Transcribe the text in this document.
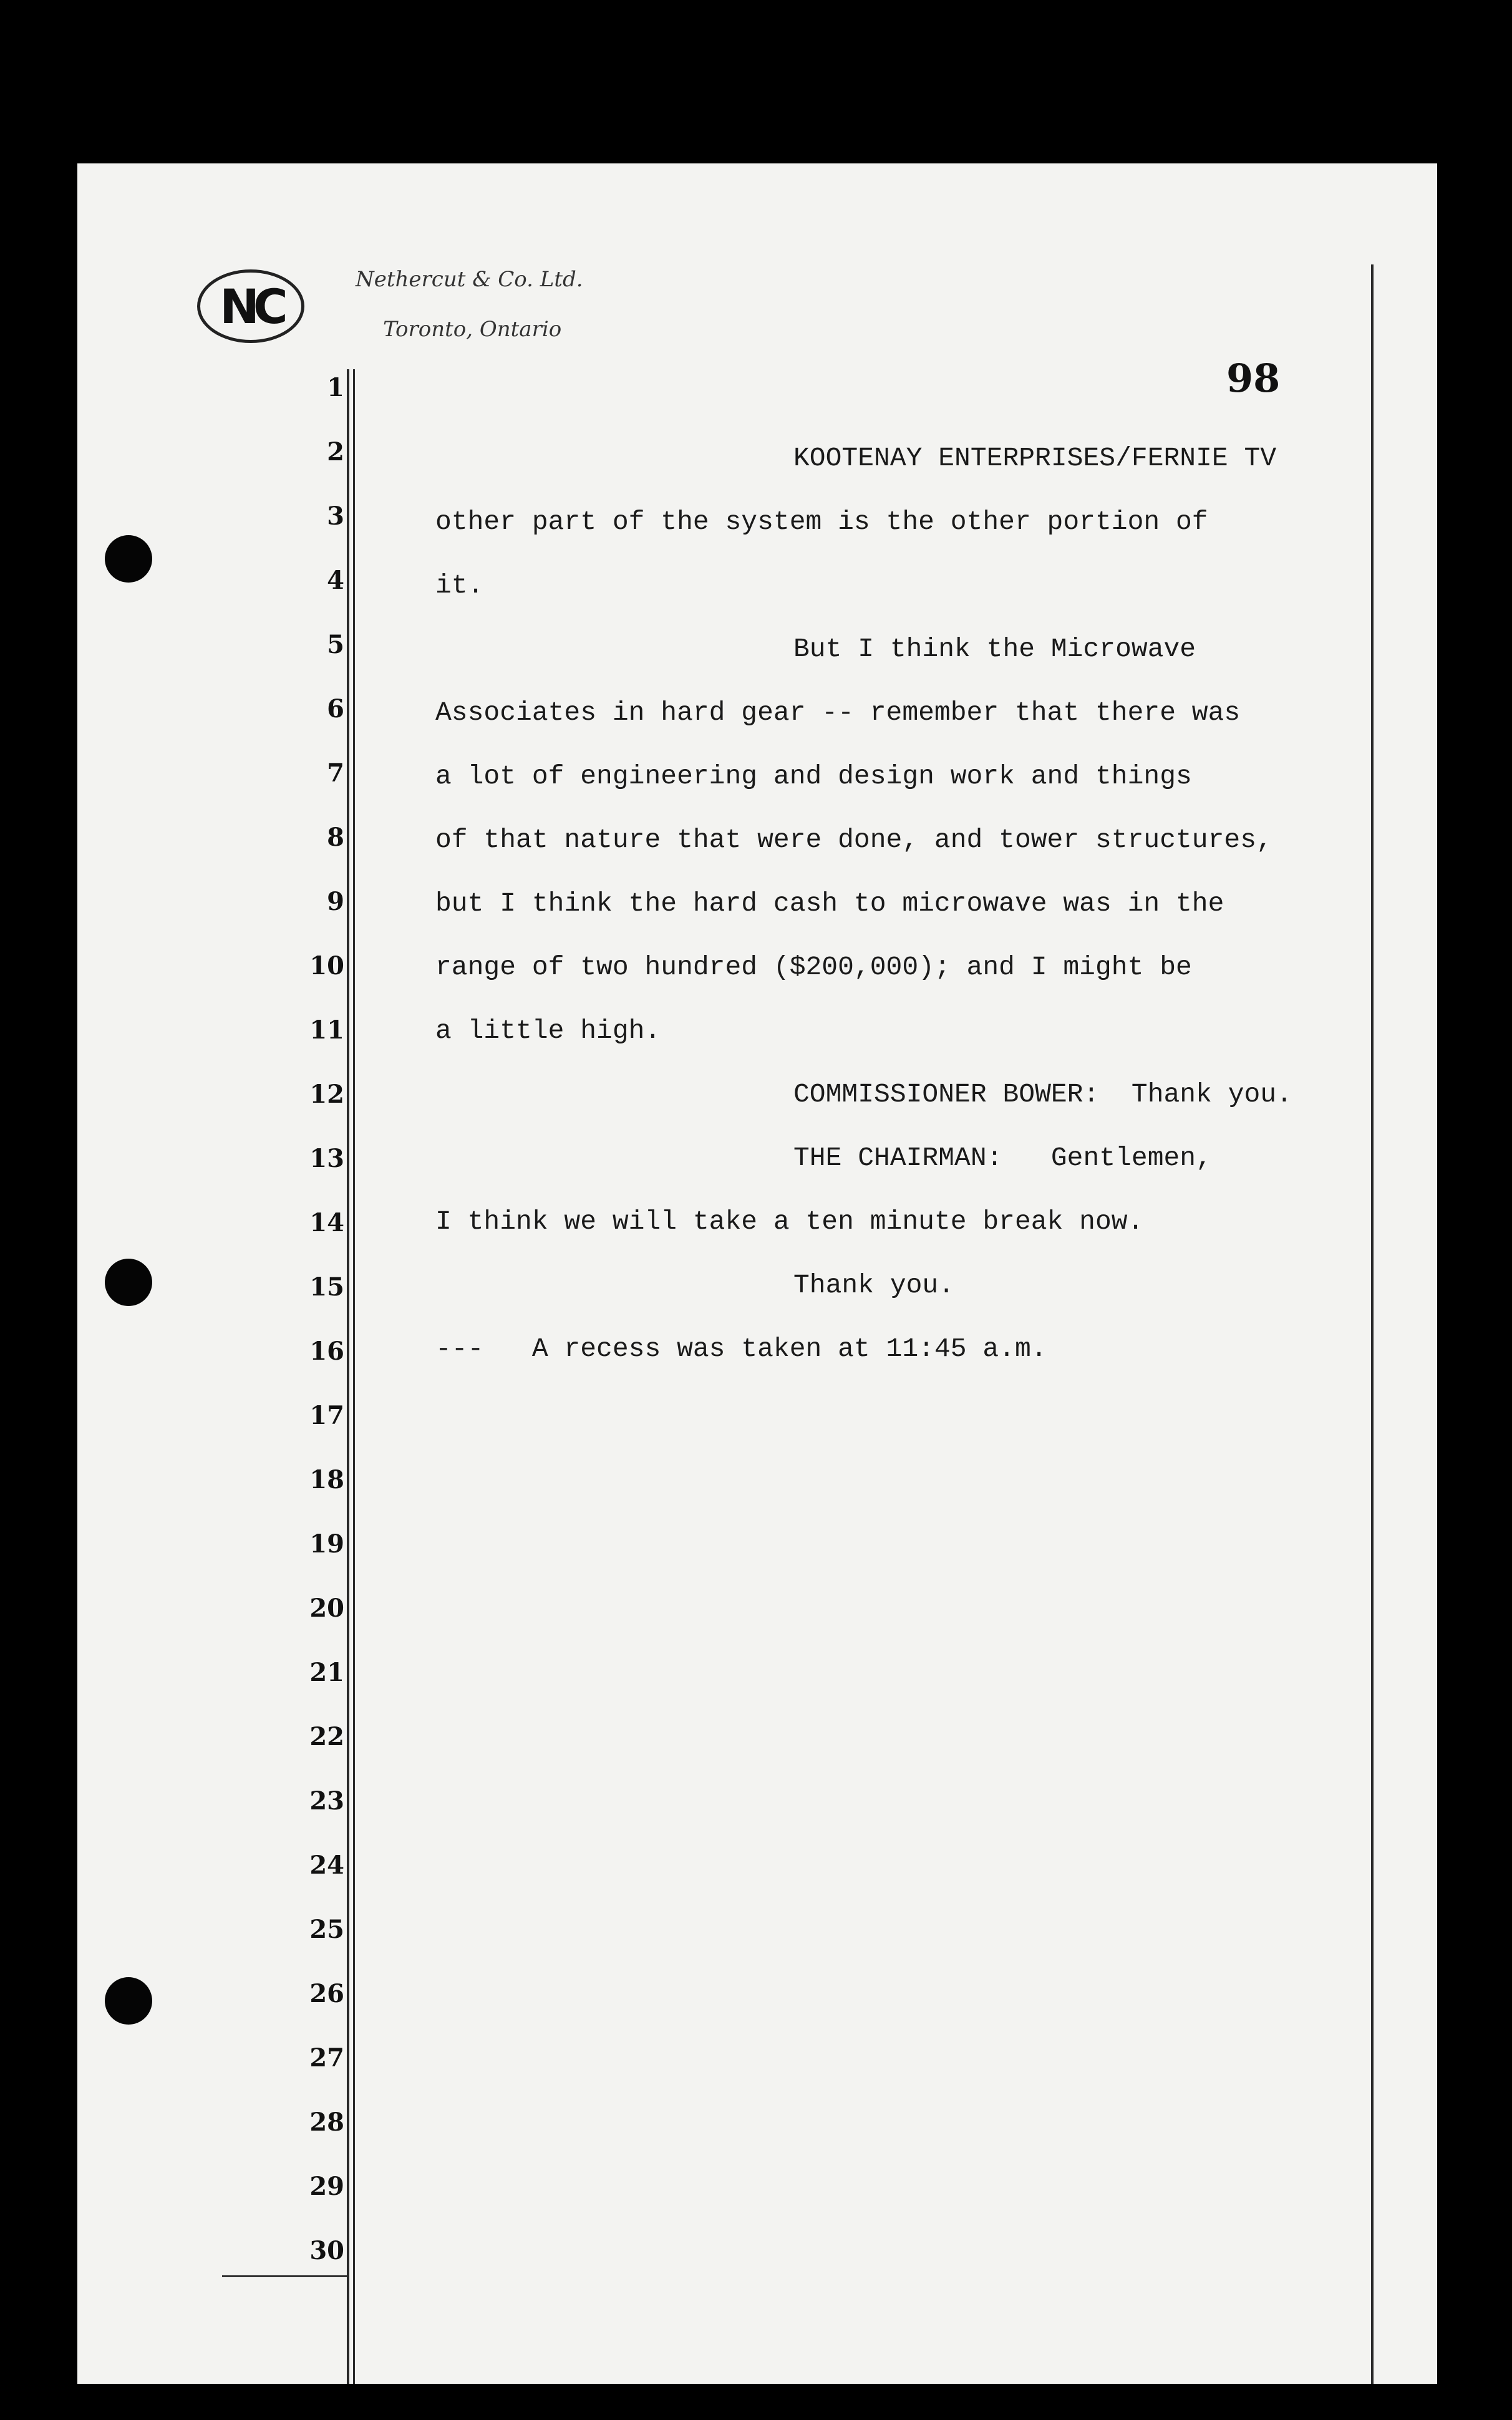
NC	Nethercut & Co. Ltd.
Toronto, Ontario
98
1
2
3
4
5
6
7
8
9
10
11
12
13
14
15
16
17
18
19
20
21
22
23
24
25
26
27
28
29
30
KOOTENAY ENTERPRISES/FERNIE TV
other part of the system is the other portion of
it.
But I think the Microwave
Associates in hard gear -- remember that there was
a lot of engineering and design work and things
of that nature that were done, and tower structures,
but I think the hard cash to microwave was in the
range of two hundred ($200,000); and I might be
a little high.
COMMISSIONER BOWER:  Thank you.
THE CHAIRMAN:   Gentlemen,
I think we will take a ten minute break now.
Thank you.
---   A recess was taken at 11:45 a.m.
